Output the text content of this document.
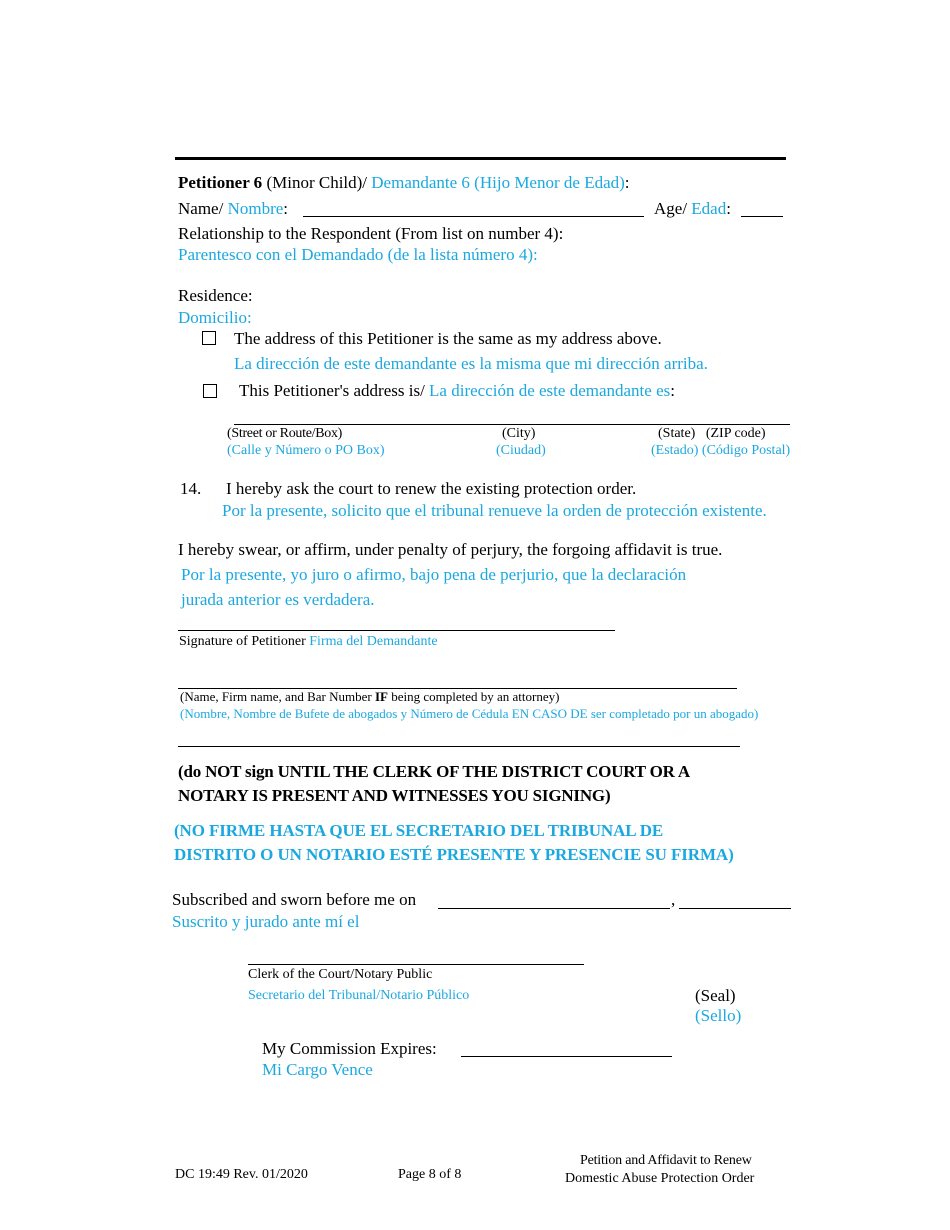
Petitioner 6 (Minor Child)/ Demandante 6 (Hijo Menor de Edad):
Name/ Nombre:	Age/ Edad:
Relationship to the Respondent (From list on number 4):
Parentesco con el Demandado (de la lista número 4):
Residence:
Domicilio:
The address of this Petitioner is the same as my address above.
La dirección de este demandante es la misma que mi dirección arriba.
This Petitioner's address is/ La dirección de este demandante es:
(Street or Route/Box)
(Calle y Número o PO Box)
(City)
(Ciudad)
(State)   (ZIP code)
(Estado) (Código Postal)
14. I hereby ask the court to renew the existing protection order.
Por la presente, solicito que el tribunal renueve la orden de protección existente.
I hereby swear, or affirm, under penalty of perjury, the forgoing affidavit is true.
Por la presente, yo juro o afirmo, bajo pena de perjurio, que la declaración
jurada anterior es verdadera.
Signature of Petitioner Firma del Demandante
(Name, Firm name, and Bar Number IF being completed by an attorney)
(Nombre, Nombre de Bufete de abogados y Número de Cédula EN CASO DE ser completado por un abogado)
(do NOT sign UNTIL THE CLERK OF THE DISTRICT COURT OR A
NOTARY IS PRESENT AND WITNESSES YOU SIGNING)
(NO FIRME HASTA QUE EL SECRETARIO DEL TRIBUNAL DE
DISTRITO O UN NOTARIO ESTÉ PRESENTE Y PRESENCIE SU FIRMA)
Subscribed and sworn before me on	,
Suscrito y jurado ante mí el
Clerk of the Court/Notary Public
Secretario del Tribunal/Notario Público	(Seal)
(Sello)
My Commission Expires:
Mi Cargo Vence
DC 19:49 Rev. 01/2020	Page 8 of 8
Petition and Affidavit to Renew
Domestic Abuse Protection Order
